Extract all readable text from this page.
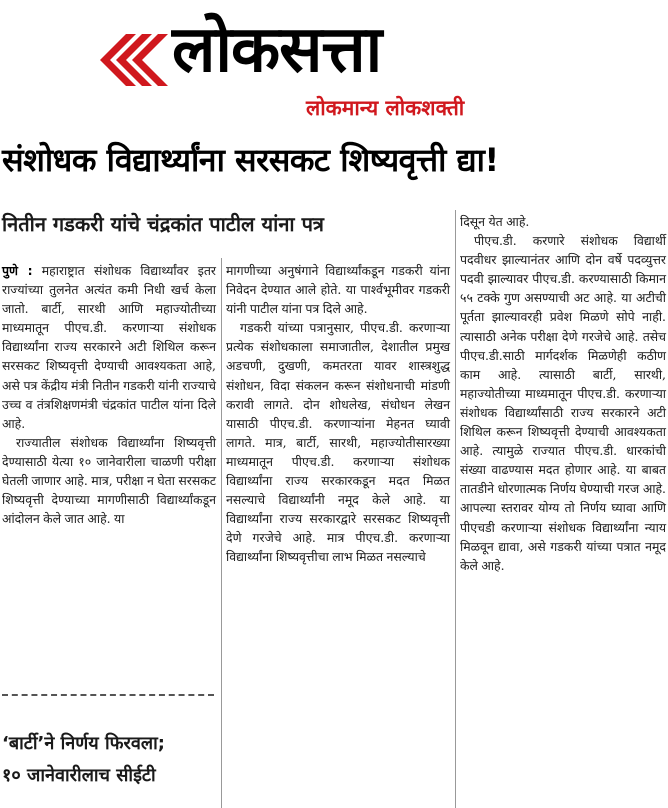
लोकसत्ता
लोकमान्य लोकशक्ती
संशोधक विद्यार्थ्यांना सरसकट शिष्यवृत्ती द्या!
नितीन गडकरी यांचे चंद्रकांत पाटील यांना पत्र

पुणे : महाराष्ट्रात संशोधक विद्यार्थ्यांवर इतर राज्यांच्या तुलनेत अत्यंत कमी निधी खर्च केला जातो. बार्टी, सारथी आणि महाज्योतीच्या माध्यमातून पीएच.डी. करणाऱ्या संशोधक विद्यार्थ्यांना राज्य सरकारने अटी शिथिल करून सरसकट शिष्यवृत्ती देण्याची आवश्यकता आहे, असे पत्र केंद्रीय मंत्री नितीन गडकरी यांनी राज्याचे उच्च व तंत्रशिक्षणमंत्री चंद्रकांत पाटील यांना दिले आहे.

राज्यातील संशोधक विद्यार्थ्यांना शिष्यवृत्ती देण्यासाठी येत्या १० जानेवारीला चाळणी परीक्षा घेतली जाणार आहे. मात्र, परीक्षा न घेता सरसकट शिष्यवृत्ती देण्याच्या मागणीसाठी विद्यार्थ्यांकडून आंदोलन केले जात आहे. या

‘बार्टी’ने निर्णय फिरवला;
१० जानेवारीलाच सीईटी

मागणीच्या अनुषंगाने विद्यार्थ्यांकडून गडकरी यांना निवेदन देण्यात आले होते. या पार्श्वभूमीवर गडकरी यांनी पाटील यांना पत्र दिले आहे.

गडकरी यांच्या पत्रानुसार, पीएच.डी. करणाऱ्या प्रत्येक संशोधकाला समाजातील, देशातील प्रमुख अडचणी, दुखणी, कमतरता यावर शास्त्रशुद्ध संशोधन, विदा संकलन करून संशोधनाची मांडणी करावी लागते. दोन शोधलेख, संधोधन लेखन यासाठी पीएच.डी. करणाऱ्यांना मेहनत घ्यावी लागते. मात्र, बार्टी, सारथी, महाज्योतीसारख्या माध्यमातून पीएच.डी. करणाऱ्या संशोधक विद्यार्थ्यांना राज्य सरकारकडून मदत मिळत नसल्याचे विद्यार्थ्यांनी नमूद केले आहे. या विद्यार्थ्यांना राज्य सरकारद्वारे सरसकट शिष्यवृत्ती देणे गरजेचे आहे. मात्र पीएच.डी. करणाऱ्या विद्यार्थ्यांना शिष्यवृत्तीचा लाभ मिळत नसल्याचे

दिसून येत आहे.

पीएच.डी. करणारे संशोधक विद्यार्थी पदवीधर झाल्यानंतर आणि दोन वर्षे पदव्युत्तर पदवी झाल्यावर पीएच.डी. करण्यासाठी किमान ५५ टक्के गुण असण्याची अट आहे. या अटीची पूर्तता झाल्यावरही प्रवेश मिळणे सोपे नाही. त्यासाठी अनेक परीक्षा देणे गरजेचे आहे. तसेच पीएच.डी.साठी मार्गदर्शक मिळणेही कठीण काम आहे. त्यासाठी बार्टी, सारथी, महाज्योतीच्या माध्यमातून पीएच.डी. करणाऱ्या संशोधक विद्यार्थ्यांसाठी राज्य सरकारने अटी शिथिल करून शिष्यवृत्ती देण्याची आवश्यकता आहे. त्यामुळे राज्यात पीएच.डी. धारकांची संख्या वाढण्यास मदत होणार आहे. या बाबत तातडीने धोरणात्मक निर्णय घेण्याची गरज आहे. आपल्या स्तरावर योग्य तो निर्णय घ्यावा आणि पीएचडी करणाऱ्या संशोधक विद्यार्थ्यांना न्याय मिळवून द्यावा, असे गडकरी यांच्या पत्रात नमूद केले आहे.
